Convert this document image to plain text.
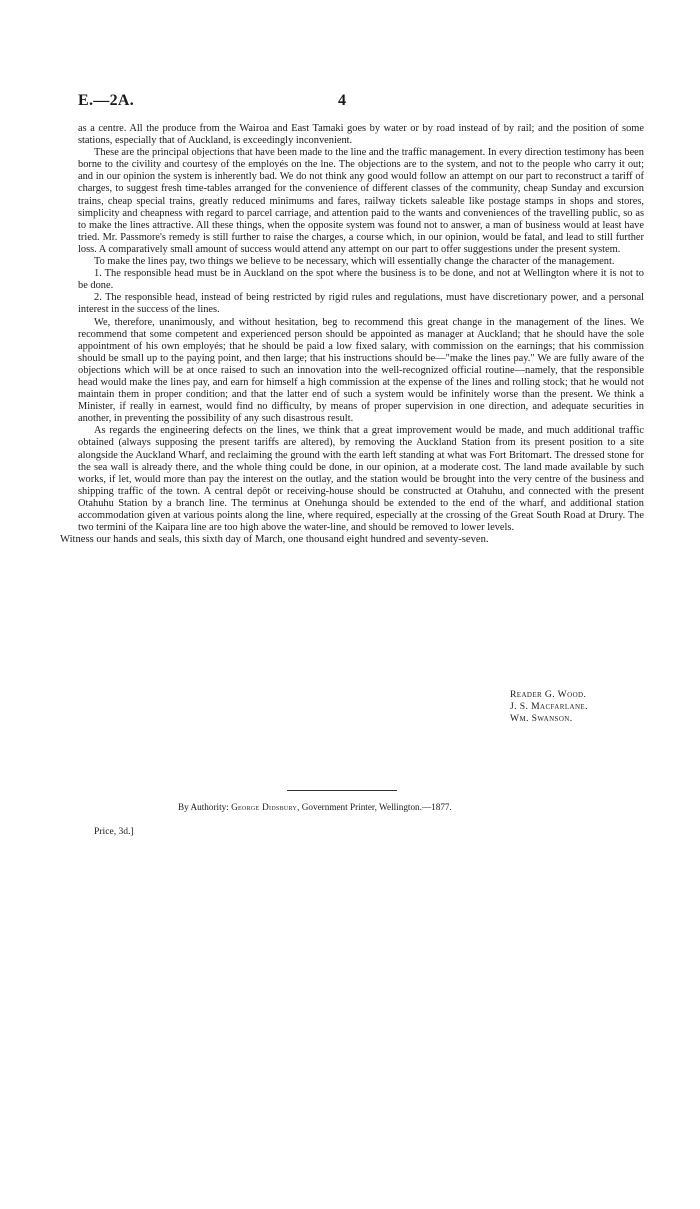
E.—2A.	4

as a centre. All the produce from the Wairoa and East Tamaki goes by water or by road instead of by rail; and the position of some stations, especially that of Auckland, is exceedingly inconvenient.

These are the principal objections that have been made to the line and the traffic management. In every direction testimony has been borne to the civility and courtesy of the employés on the lne. The objections are to the system, and not to the people who carry it out; and in our opinion the system is inherently bad. We do not think any good would follow an attempt on our part to reconstruct a tariff of charges, to suggest fresh time-tables arranged for the convenience of different classes of the community, cheap Sunday and excursion trains, cheap special trains, greatly reduced minimums and fares, railway tickets saleable like postage stamps in shops and stores, simplicity and cheapness with regard to parcel carriage, and attention paid to the wants and conveniences of the travelling public, so as to make the lines attractive. All these things, when the opposite system was found not to answer, a man of business would at least have tried. Mr. Passmore's remedy is still further to raise the charges, a course which, in our opinion, would be fatal, and lead to still further loss. A comparatively small amount of success would attend any attempt on our part to offer suggestions under the present system.

To make the lines pay, two things we believe to be necessary, which will essentially change the character of the management.

1. The responsible head must be in Auckland on the spot where the business is to be done, and not at Wellington where it is not to be done.

2. The responsible head, instead of being restricted by rigid rules and regulations, must have discretionary power, and a personal interest in the success of the lines.

We, therefore, unanimously, and without hesitation, beg to recommend this great change in the management of the lines. We recommend that some competent and experienced person should be appointed as manager at Auckland; that he should have the sole appointment of his own employés; that he should be paid a low fixed salary, with commission on the earnings; that his commission should be small up to the paying point, and then large; that his instructions should be—"make the lines pay." We are fully aware of the objections which will be at once raised to such an innovation into the well-recognized official routine—namely, that the responsible head would make the lines pay, and earn for himself a high commission at the expense of the lines and rolling stock; that he would not maintain them in proper condition; and that the latter end of such a system would be infinitely worse than the present. We think a Minister, if really in earnest, would find no difficulty, by means of proper supervision in one direction, and adequate securities in another, in preventing the possibility of any such disastrous result.

As regards the engineering defects on the lines, we think that a great improvement would be made, and much additional traffic obtained (always supposing the present tariffs are altered), by removing the Auckland Station from its present position to a site alongside the Auckland Wharf, and reclaiming the ground with the earth left standing at what was Fort Britomart. The dressed stone for the sea wall is already there, and the whole thing could be done, in our opinion, at a moderate cost. The land made available by such works, if let, would more than pay the interest on the outlay, and the station would be brought into the very centre of the business and shipping traffic of the town. A central depôt or receiving-house should be constructed at Otahuhu, and connected with the present Otahuhu Station by a branch line. The terminus at Onehunga should be extended to the end of the wharf, and additional station accommodation given at various points along the line, where required, especially at the crossing of the Great South Road at Drury. The two termini of the Kaipara line are too high above the water-line, and should be removed to lower levels.

Witness our hands and seals, this sixth day of March, one thousand eight hundred and seventy-seven.

Reader G. Wood.
J. S. Macfarlane.
Wm. Swanson.
By Authority: George Didsbury, Government Printer, Wellington.—1877.
Price, 3d.]
